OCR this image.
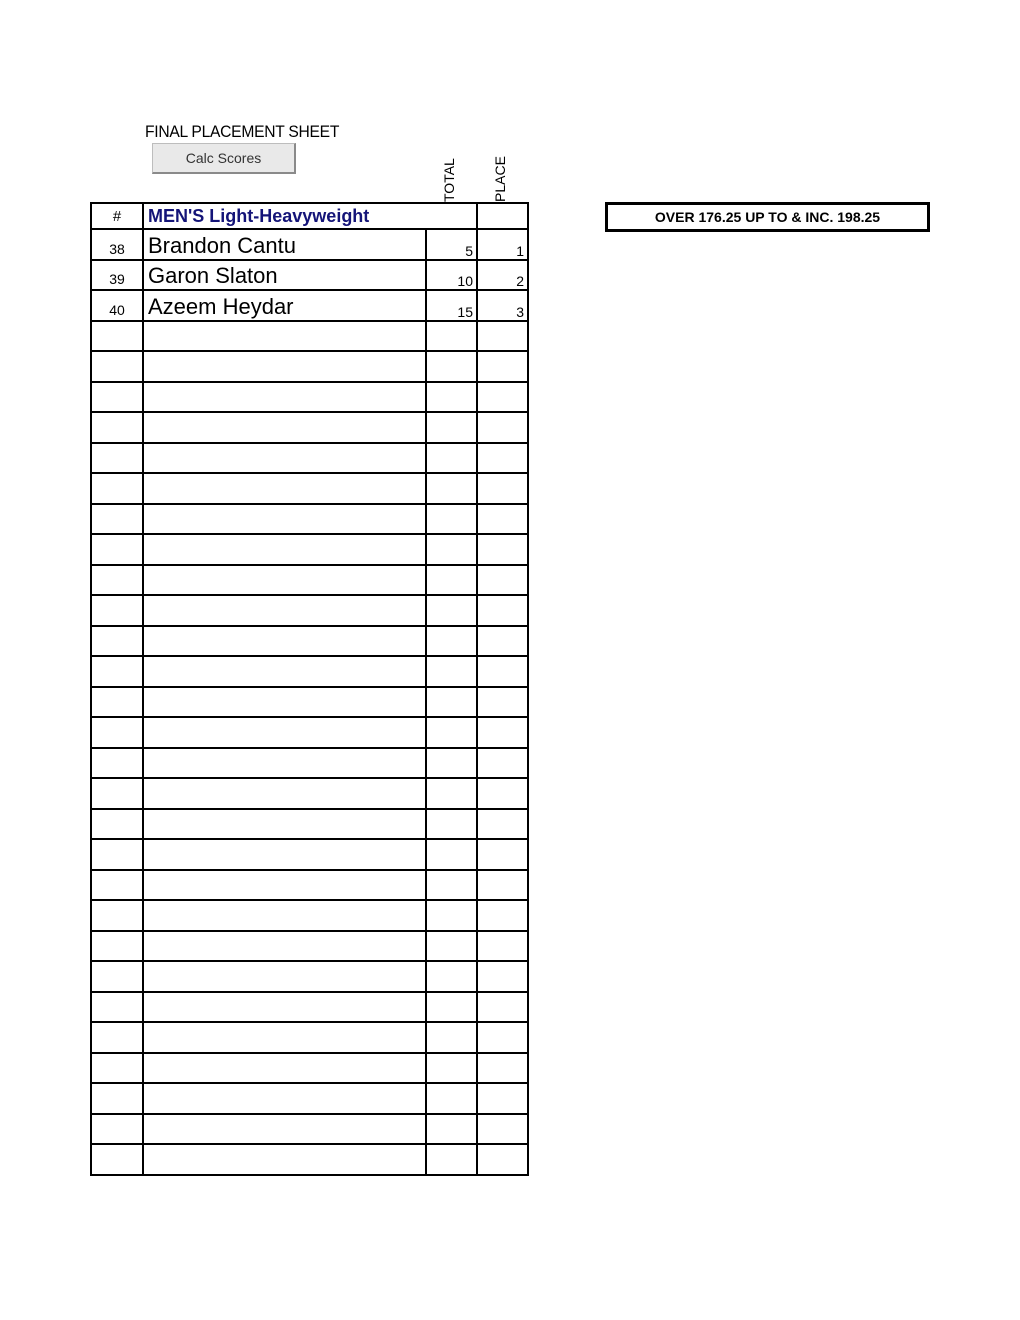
FINAL PLACEMENT SHEET
Calc Scores
TOTAL	PLACE
OVER 176.25 UP TO & INC. 198.25
#	MEN'S Light-Heavyweight		
38	Brandon Cantu	5	1
39	Garon Slaton	10	2
40	Azeem Heydar	15	3
